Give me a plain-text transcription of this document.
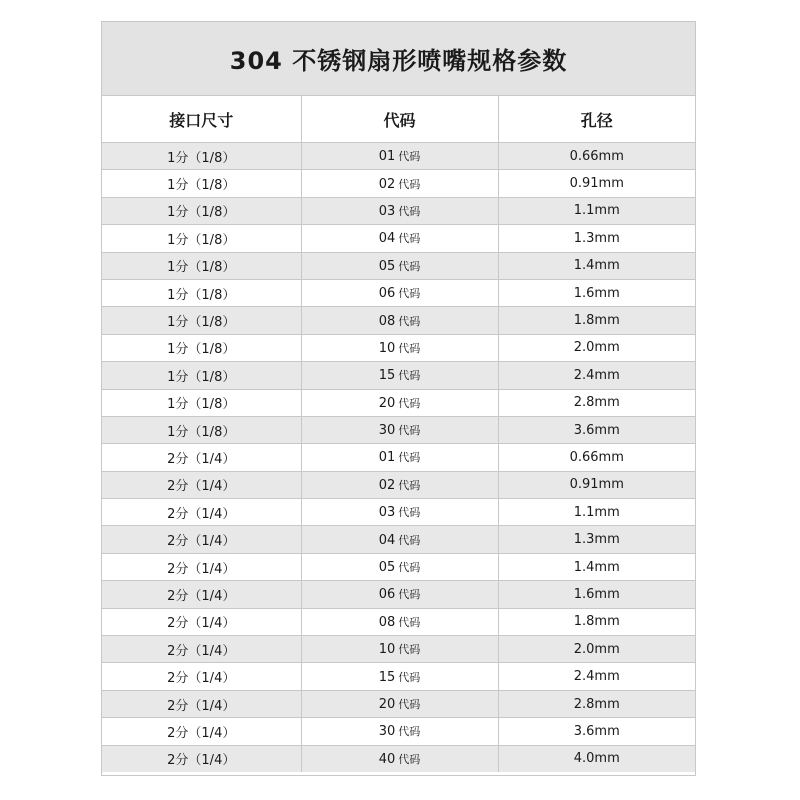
304 不锈钢扇形喷嘴规格参数
接口尺寸	代码	孔径
1分（1/8）	01 代码	0.66mm
1分（1/8）	02 代码	0.91mm
1分（1/8）	03 代码	1.1mm
1分（1/8）	04 代码	1.3mm
1分（1/8）	05 代码	1.4mm
1分（1/8）	06 代码	1.6mm
1分（1/8）	08 代码	1.8mm
1分（1/8）	10 代码	2.0mm
1分（1/8）	15 代码	2.4mm
1分（1/8）	20 代码	2.8mm
1分（1/8）	30 代码	3.6mm
2分（1/4）	01 代码	0.66mm
2分（1/4）	02 代码	0.91mm
2分（1/4）	03 代码	1.1mm
2分（1/4）	04 代码	1.3mm
2分（1/4）	05 代码	1.4mm
2分（1/4）	06 代码	1.6mm
2分（1/4）	08 代码	1.8mm
2分（1/4）	10 代码	2.0mm
2分（1/4）	15 代码	2.4mm
2分（1/4）	20 代码	2.8mm
2分（1/4）	30 代码	3.6mm
2分（1/4）	40 代码	4.0mm
